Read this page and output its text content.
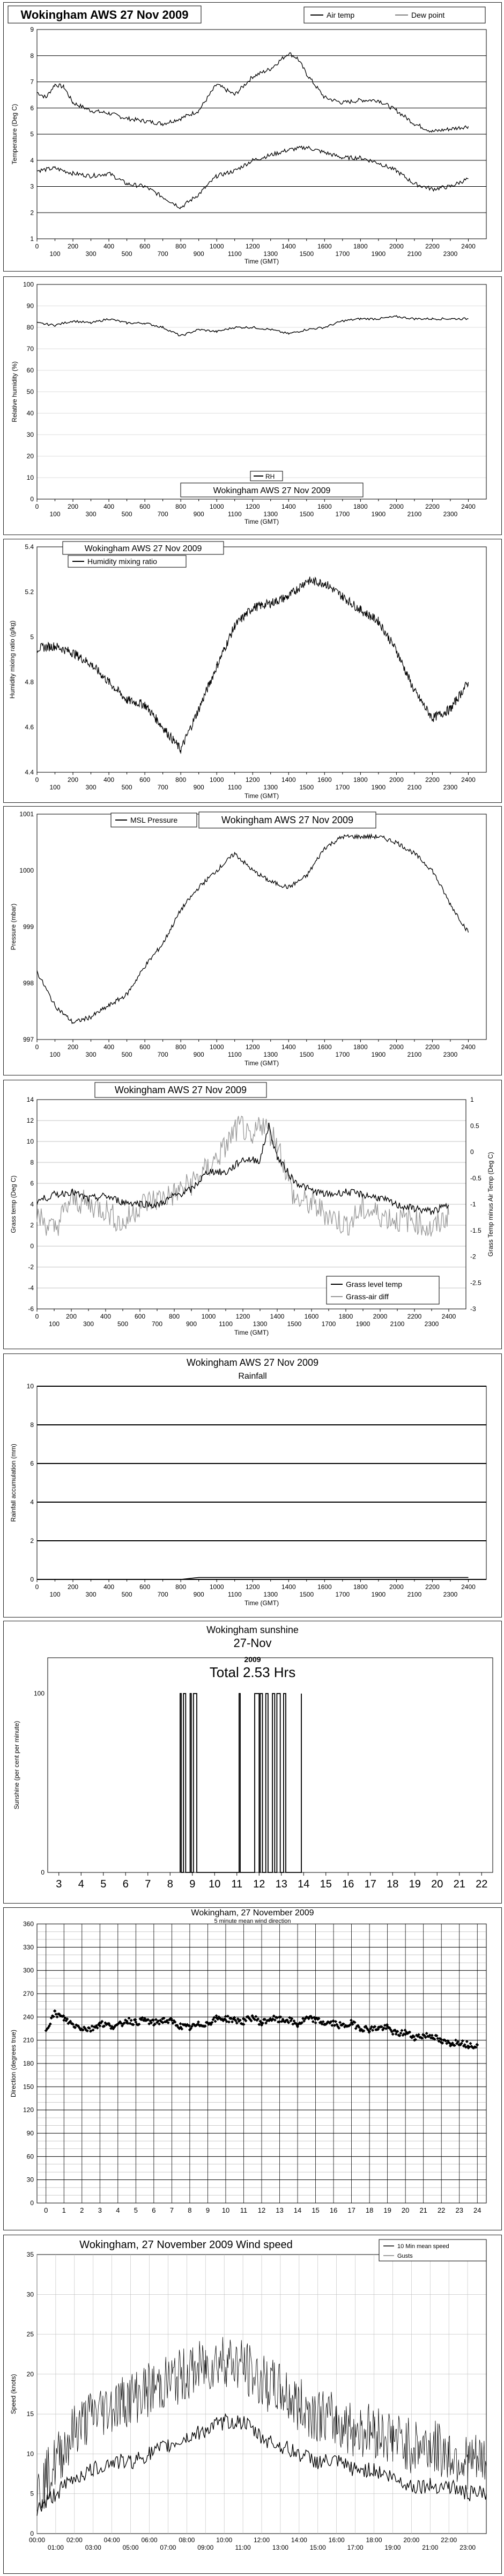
Wokingham AWS 27 Nov 2009
1
2
3
4
5
6
7
8
9
0	200	400	600	800	1000	1200	1400	1600	1800	2000	2200	2400
100	300	500	700	900	1100	1300	1500	1700	1900	2100	2300
Time (GMT)
Temperature (Deg C)
Air temp	Dew point
0
10
20
30
40
50
60
70
80
90
100
0	200	400	600	800	1000	1200	1400	1600	1800	2000	2200	2400
100	300	500	700	900	1100	1300	1500	1700	1900	2100	2300
Time (GMT)
Relative humidity (%)
RH
Wokingham AWS 27 Nov 2009
4.4
4.6
4.8
5
5.2
5.4
0	200	400	600	800	1000	1200	1400	1600	1800	2000	2200	2400
100	300	500	700	900	1100	1300	1500	1700	1900	2100	2300
Time (GMT)
Humidity mixing ratio (g/kg)
Wokingham AWS 27 Nov 2009
Humidity mixing ratio
997
998
999
1000
1001
0	200	400	600	800	1000	1200	1400	1600	1800	2000	2200	2400
100	300	500	700	900	1100	1300	1500	1700	1900	2100	2300
Time (GMT)
Pressure (mbar)
MSL Pressure	Wokingham AWS 27 Nov 2009
-6
-4
-2
0
2
4
6
8
10
12
14
0	200	400	600	800	1000	1200	1400	1600	1800	2000	2200	2400
100	300	500	700	900	1100	1300	1500	1700	1900	2100	2300
Time (GMT)
Grass temp (Deg C)
-3
-2.5
-2
-1.5
-1
-0.5
0
0.5
1
Grass Temp minus Air Temp (Deg C)
Wokingham AWS 27 Nov 2009
Grass level temp
Grass-air diff
0
2
4
6
8
10
0	200	400	600	800	1000	1200	1400	1600	1800	2000	2200	2400
100	300	500	700	900	1100	1300	1500	1700	1900	2100	2300
Time (GMT)
Rainfall accumulation (mm)
Wokingham AWS 27 Nov 2009
Rainfall
0
100
3 4 5 6 7 8 9 10 11 12 13 14 15 16 17 18 19 20 21 22
Sunshine (per cent per minute)
Wokingham sunshine
27-Nov
2009
Total 2.53 Hrs
0
30
60
90
120
150
180
210
240
270
300
330
360
0 1 2 3 4 5 6 7 8 9 10 11 12 13 14 15 16 17 18 19 20 21 22 23 24
Direction (degrees true)
Wokingham, 27 November 2009
5 minute mean wind direction
0
5
10
15
20
25
30
35
00:00	02:00	04:00	06:00	08:00	10:00	12:00	14:00	16:00	18:00	20:00	22:00
01:00	03:00	05:00	07:00	09:00	11:00	13:00	15:00	17:00	19:00	21:00	23:00
Speed (knots)
Wokingham, 27 November 2009 Wind speed	10 Min mean speed
Gusts
